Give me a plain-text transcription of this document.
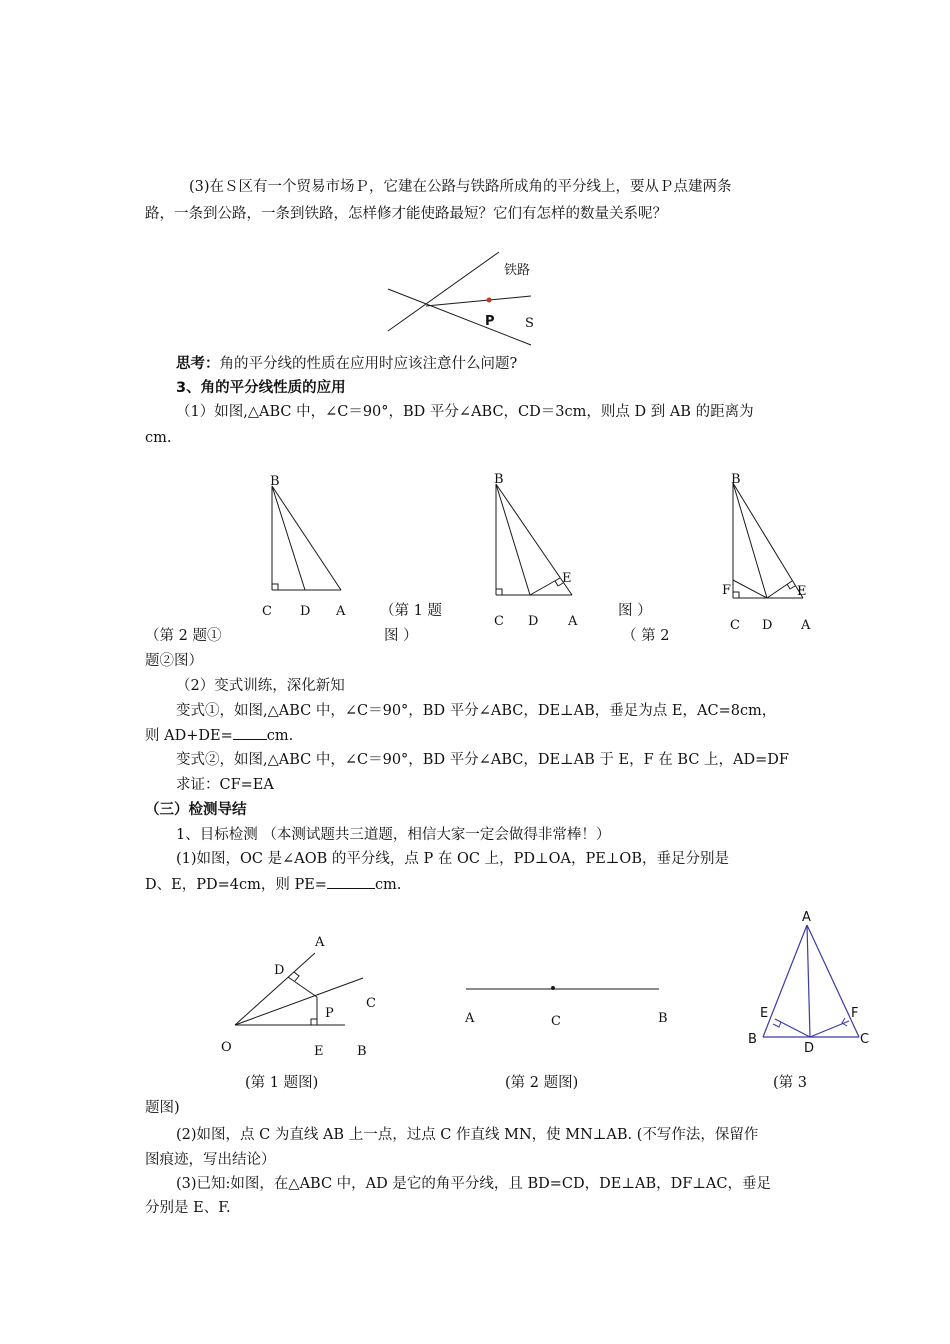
(3)在Ｓ区有一个贸易市场Ｐ，它建在公路与铁路所成角的平分线上，要从Ｐ点建两条
路，一条到公路，一条到铁路，怎样修才能使路最短？它们有怎样的数量关系呢？
铁路
P S
思考：角的平分线的性质在应用时应该注意什么问题?
3、角的平分线性质的应用
（1）如图,△ABC 中，∠C＝90°，BD 平分∠ABC，CD＝3cm，则点 D 到 AB 的距离为
cm.
B
C D A
B
E
C D A
B
F	E
C D A
（第 1 题
图 ）
（第 2 题①
图 ）
（ 第 2
题②图）
（2）变式训练，深化新知
变式①，如图,△ABC 中，∠C＝90°，BD 平分∠ABC，DE⊥AB，垂足为点 E，AC=8cm，
则 AD+DE= cm.
变式②，如图,△ABC 中，∠C＝90°，BD 平分∠ABC，DE⊥AB 于 E，F 在 BC 上，AD=DF
求证：CF=EA
（三）检测导结
1、目标检测 （本测试题共三道题，相信大家一定会做得非常棒！）
(1)如图，OC 是∠AOB 的平分线，点 P 在 OC 上，PD⊥OA，PE⊥OB，垂足分别是
D、E，PD=4cm，则 PE=	cm.
A
D
C
P
O	E	B
A	C	B
A
E	F
B
D
C
(第 1 题图)	(第 2 题图)	(第 3
题图)
(2)如图，点 C 为直线 AB 上一点，过点 C 作直线 MN，使 MN⊥AB. (不写作法，保留作
图痕迹，写出结论）
(3)已知:如图，在△ABC 中，AD 是它的角平分线，且 BD=CD，DE⊥AB，DF⊥AC，垂足
分别是 E、F.
